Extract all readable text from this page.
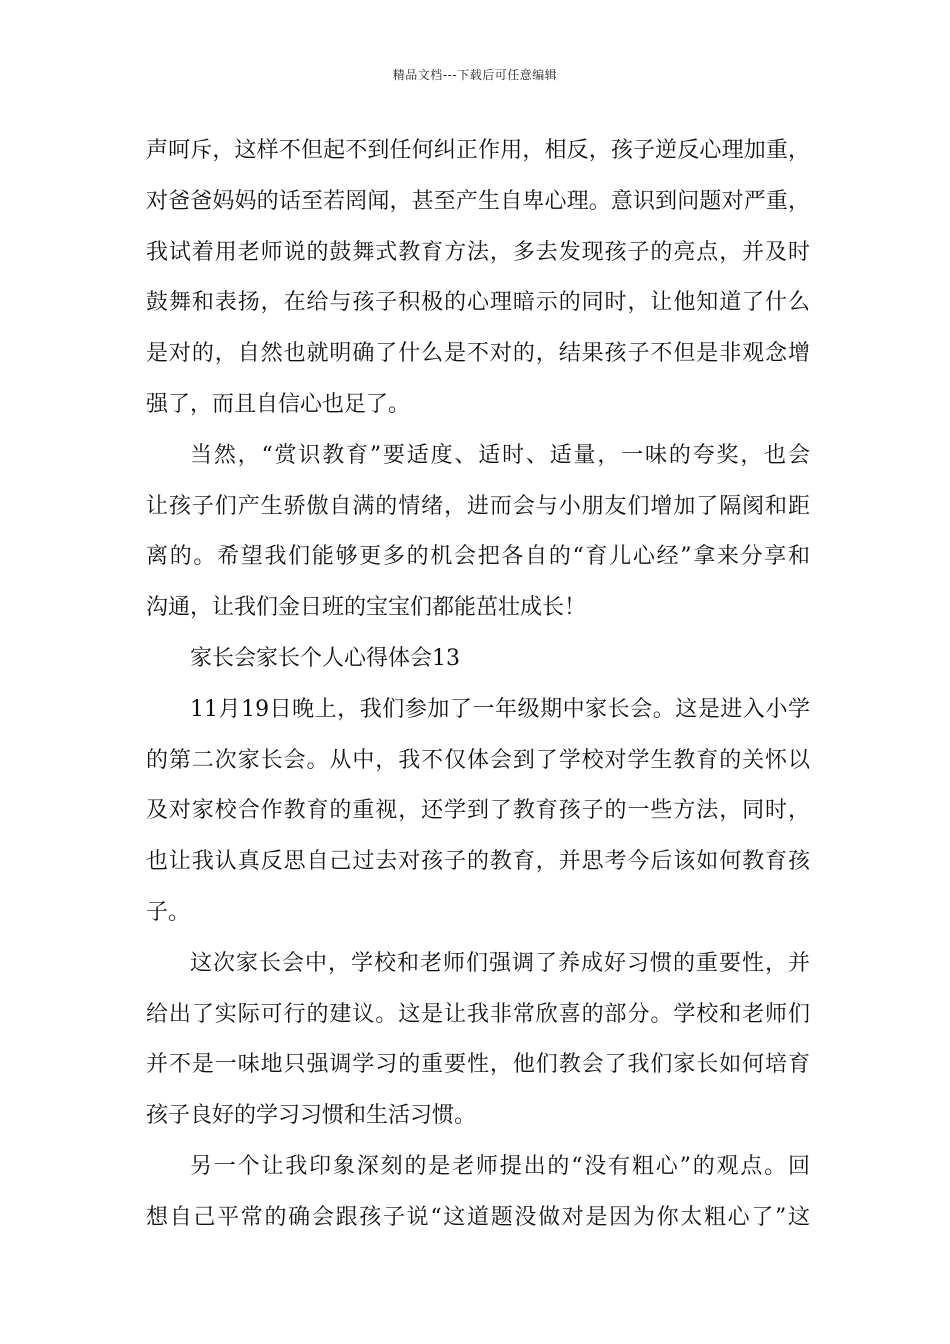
精品文档---下载后可任意编辑
声呵斥，这样不但起不到任何纠正作用，相反，孩子逆反心理加重，
对爸爸妈妈的话至若罔闻，甚至产生自卑心理。意识到问题对严重，
我试着用老师说的鼓舞式教育方法，多去发现孩子的亮点，并及时
鼓舞和表扬，在给与孩子积极的心理暗示的同时，让他知道了什么
是对的，自然也就明确了什么是不对的，结果孩子不但是非观念增
强了，而且自信心也足了。
当然，“赏识教育”要适度、适时、适量，一味的夸奖，也会
让孩子们产生骄傲自满的情绪，进而会与小朋友们增加了隔阂和距
离的。希望我们能够更多的机会把各自的“育儿心经”拿来分享和
沟通，让我们金日班的宝宝们都能茁壮成长！
家长会家长个人心得体会13
11月19日晚上，我们参加了一年级期中家长会。这是进入小学
的第二次家长会。从中，我不仅体会到了学校对学生教育的关怀以
及对家校合作教育的重视，还学到了教育孩子的一些方法，同时，
也让我认真反思自己过去对孩子的教育，并思考今后该如何教育孩
子。
这次家长会中，学校和老师们强调了养成好习惯的重要性，并
给出了实际可行的建议。这是让我非常欣喜的部分。学校和老师们
并不是一味地只强调学习的重要性，他们教会了我们家长如何培育
孩子良好的学习习惯和生活习惯。
另一个让我印象深刻的是老师提出的“没有粗心”的观点。回
想自己平常的确会跟孩子说“这道题没做对是因为你太粗心了”这
